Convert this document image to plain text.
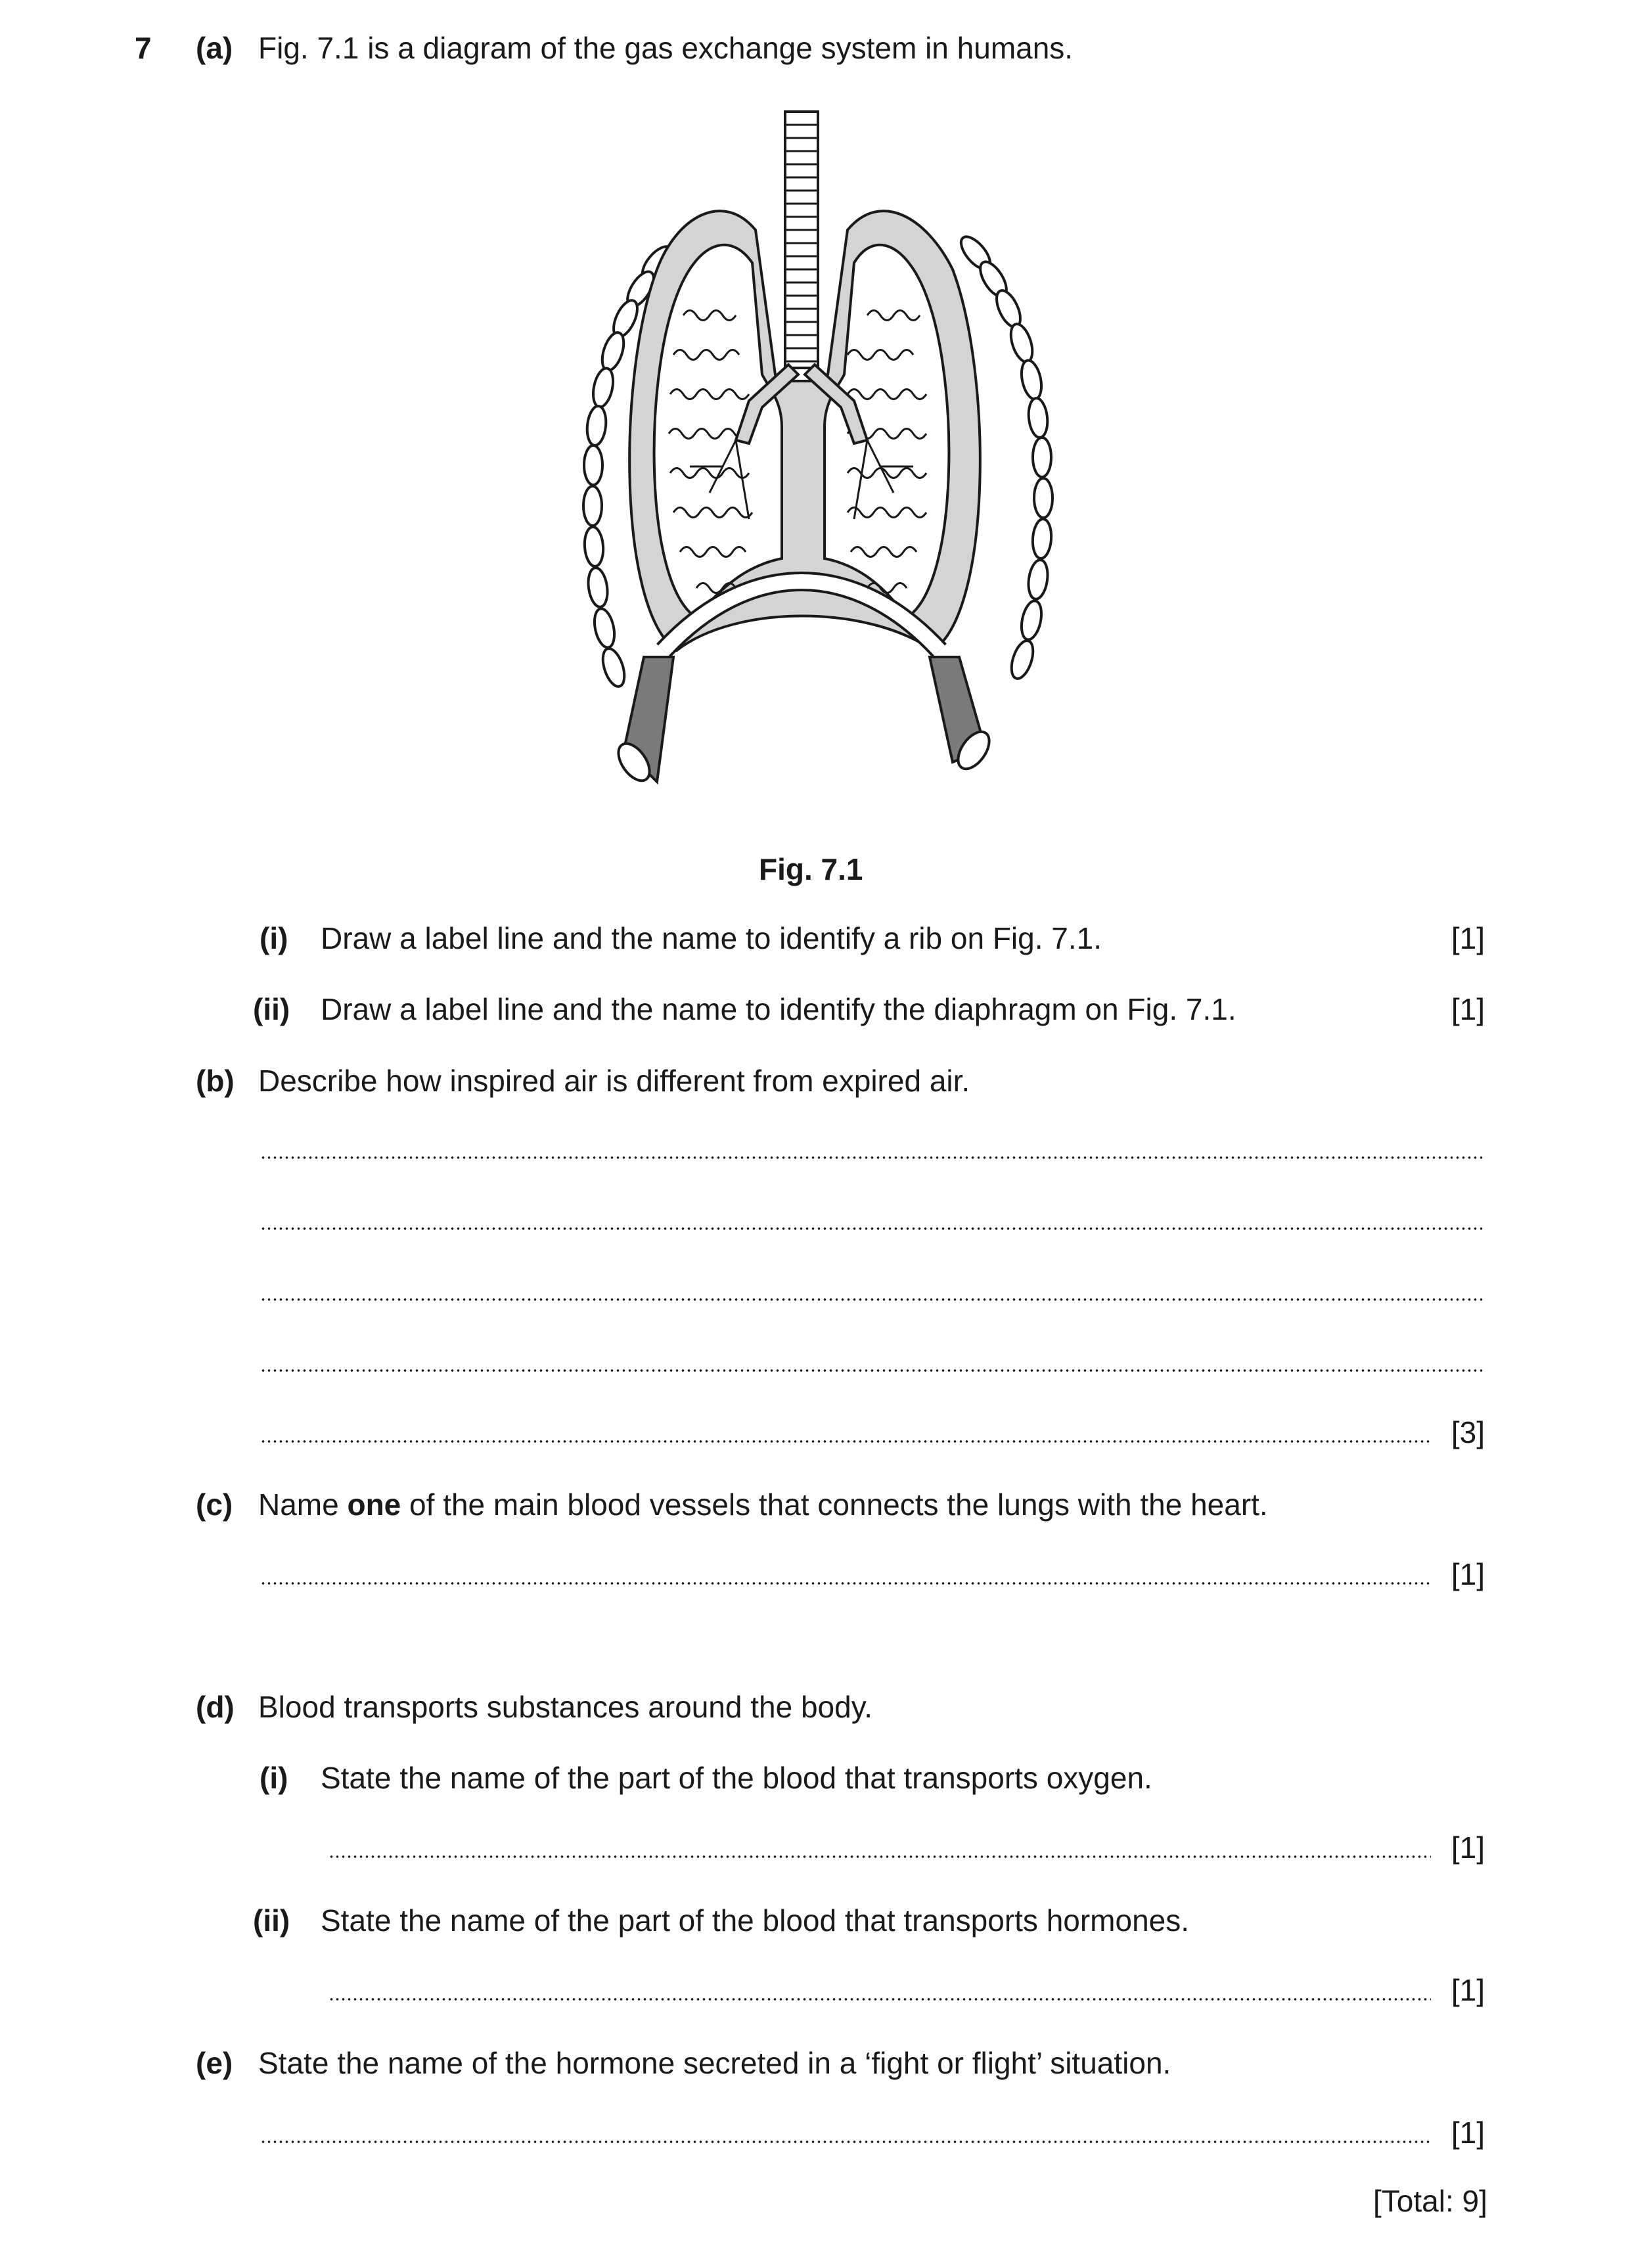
7 (a) Fig. 7.1 is a diagram of the gas exchange system in humans.
Fig. 7.1
(i) Draw a label line and the name to identify a rib on Fig. 7.1.	[1]
(ii) Draw a label line and the name to identify the diaphragm on Fig. 7.1.	[1]
(b) Describe how inspired air is different from expired air.
[3]
(c) Name one of the main blood vessels that connects the lungs with the heart.
[1]
(d) Blood transports substances around the body.
(i) State the name of the part of the blood that transports oxygen.
[1]
(ii) State the name of the part of the blood that transports hormones.
[1]
(e) State the name of the hormone secreted in a ‘fight or flight’ situation.
[1]
[Total: 9]
